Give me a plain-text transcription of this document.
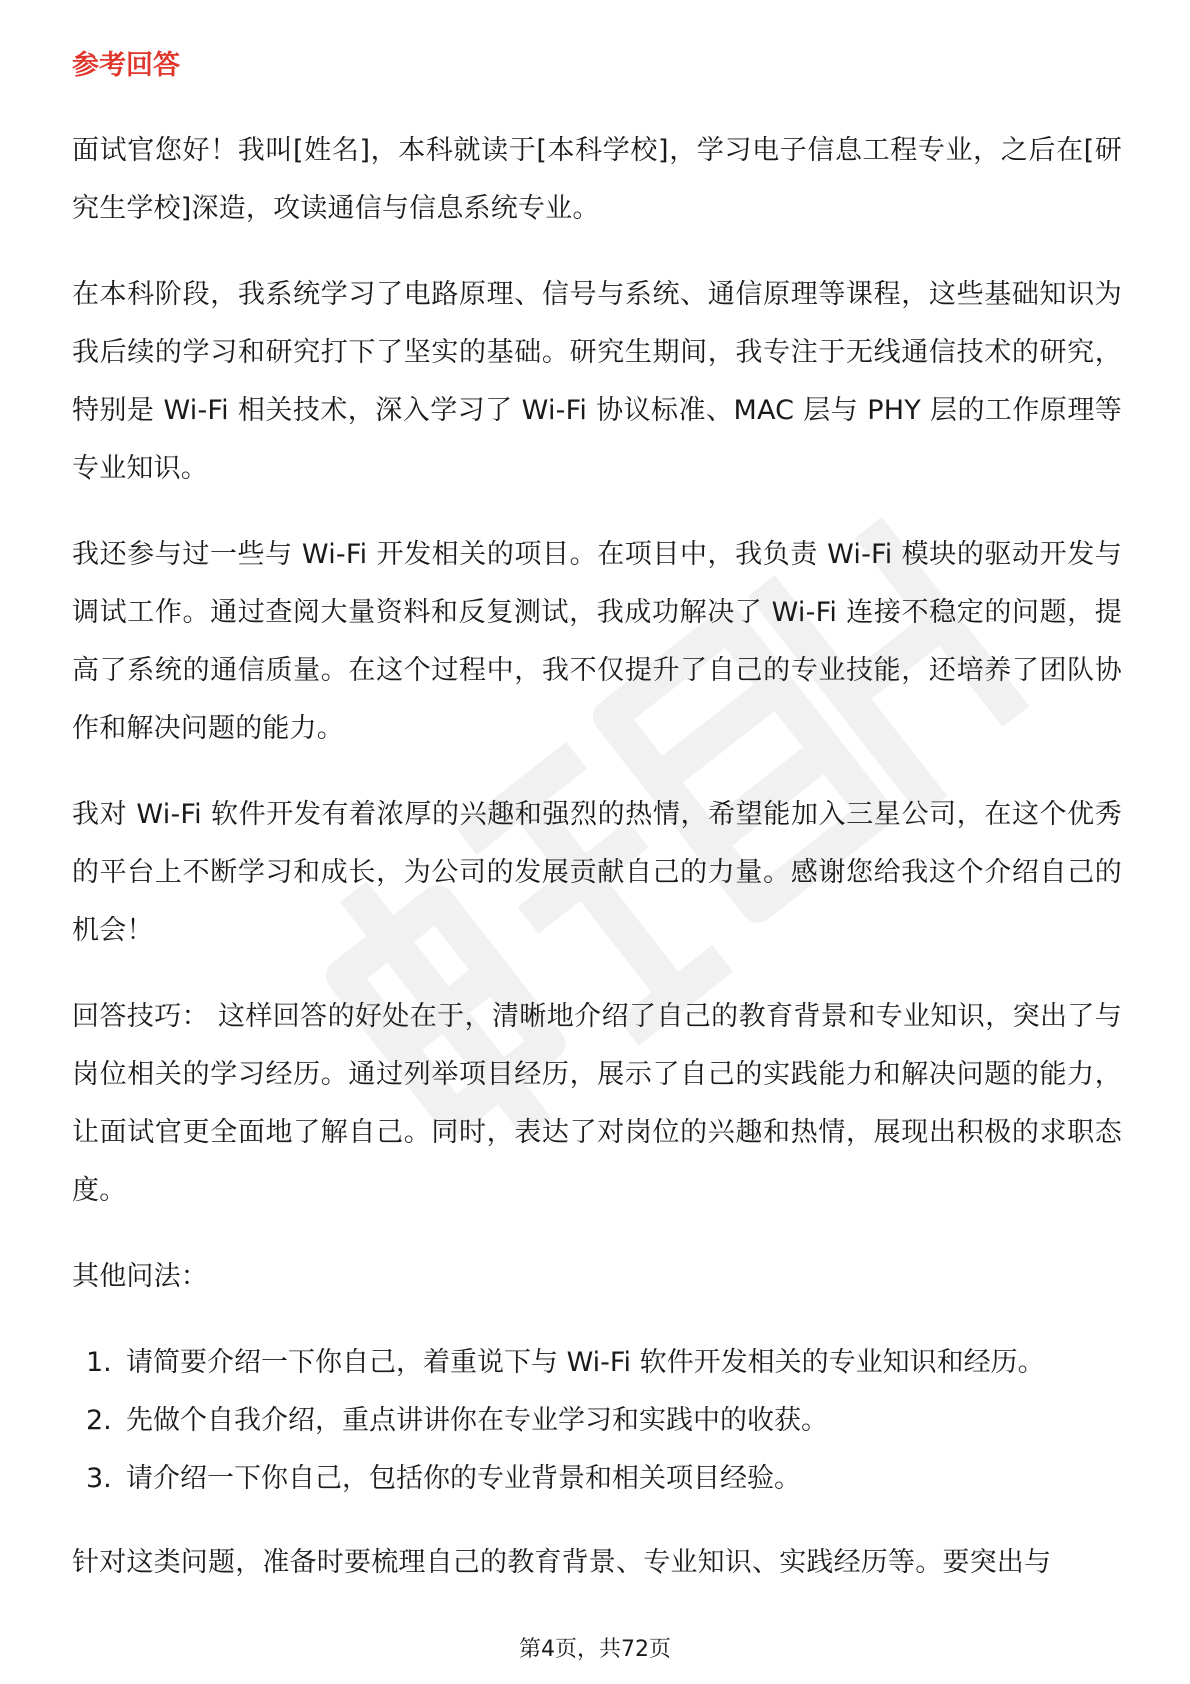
参考回答

面试官您好！我叫[姓名]，本科就读于[本科学校]，学习电子信息工程专业，之后在[研究生学校]深造，攻读通信与信息系统专业。

在本科阶段，我系统学习了电路原理、信号与系统、通信原理等课程，这些基础知识为我后续的学习和研究打下了坚实的基础。研究生期间，我专注于无线通信技术的研究，特别是 Wi-Fi 相关技术，深入学习了 Wi-Fi 协议标准、MAC 层与 PHY 层的工作原理等专业知识。

我还参与过一些与 Wi-Fi 开发相关的项目。在项目中，我负责 Wi-Fi 模块的驱动开发与调试工作。通过查阅大量资料和反复测试，我成功解决了 Wi-Fi 连接不稳定的问题，提高了系统的通信质量。在这个过程中，我不仅提升了自己的专业技能，还培养了团队协作和解决问题的能力。

我对 Wi-Fi 软件开发有着浓厚的兴趣和强烈的热情，希望能加入三星公司，在这个优秀的平台上不断学习和成长，为公司的发展贡献自己的力量。感谢您给我这个介绍自己的机会！

回答技巧： 这样回答的好处在于，清晰地介绍了自己的教育背景和专业知识，突出了与岗位相关的学习经历。通过列举项目经历，展示了自己的实践能力和解决问题的能力，让面试官更全面地了解自己。同时，表达了对岗位的兴趣和热情，展现出积极的求职态度。

其他问法：

1. 请简要介绍一下你自己，着重说下与 Wi-Fi 软件开发相关的专业知识和经历。
2. 先做个自我介绍，重点讲讲你在专业学习和实践中的收获。
3. 请介绍一下你自己，包括你的专业背景和相关项目经验。

针对这类问题，准备时要梳理自己的教育背景、专业知识、实践经历等。要突出与

第4页，共72页
